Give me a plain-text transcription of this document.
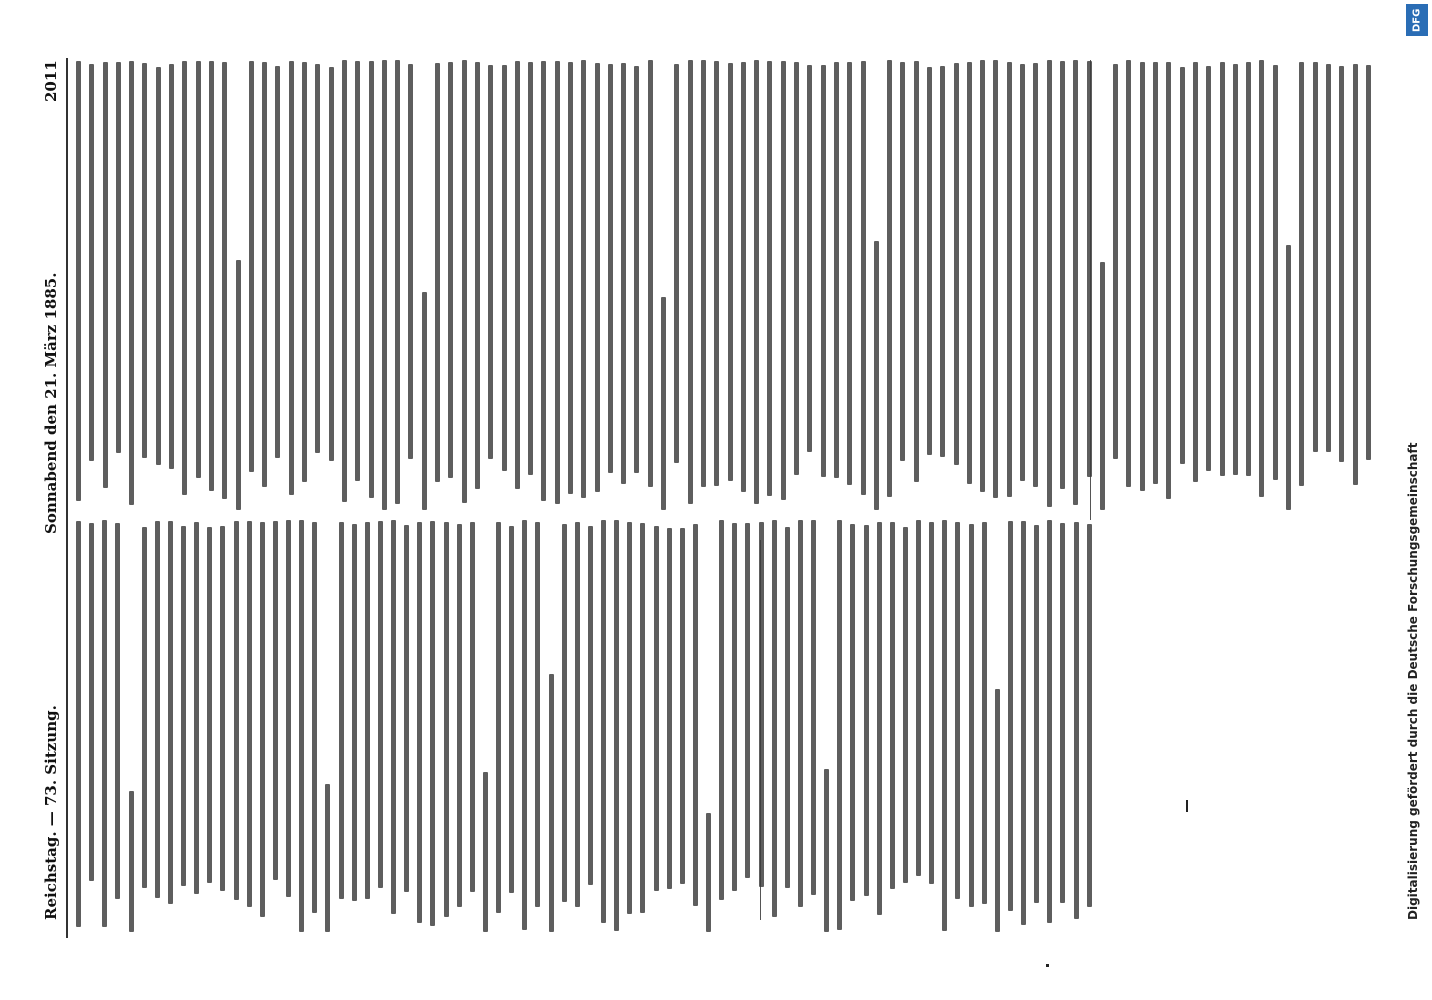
Reichstag. — 73. Sitzung.
Sonnabend den 21. März 1885.
2011
Digitalisierung gefördert durch die Deutsche Forschungsgemeinschaft
DFG
